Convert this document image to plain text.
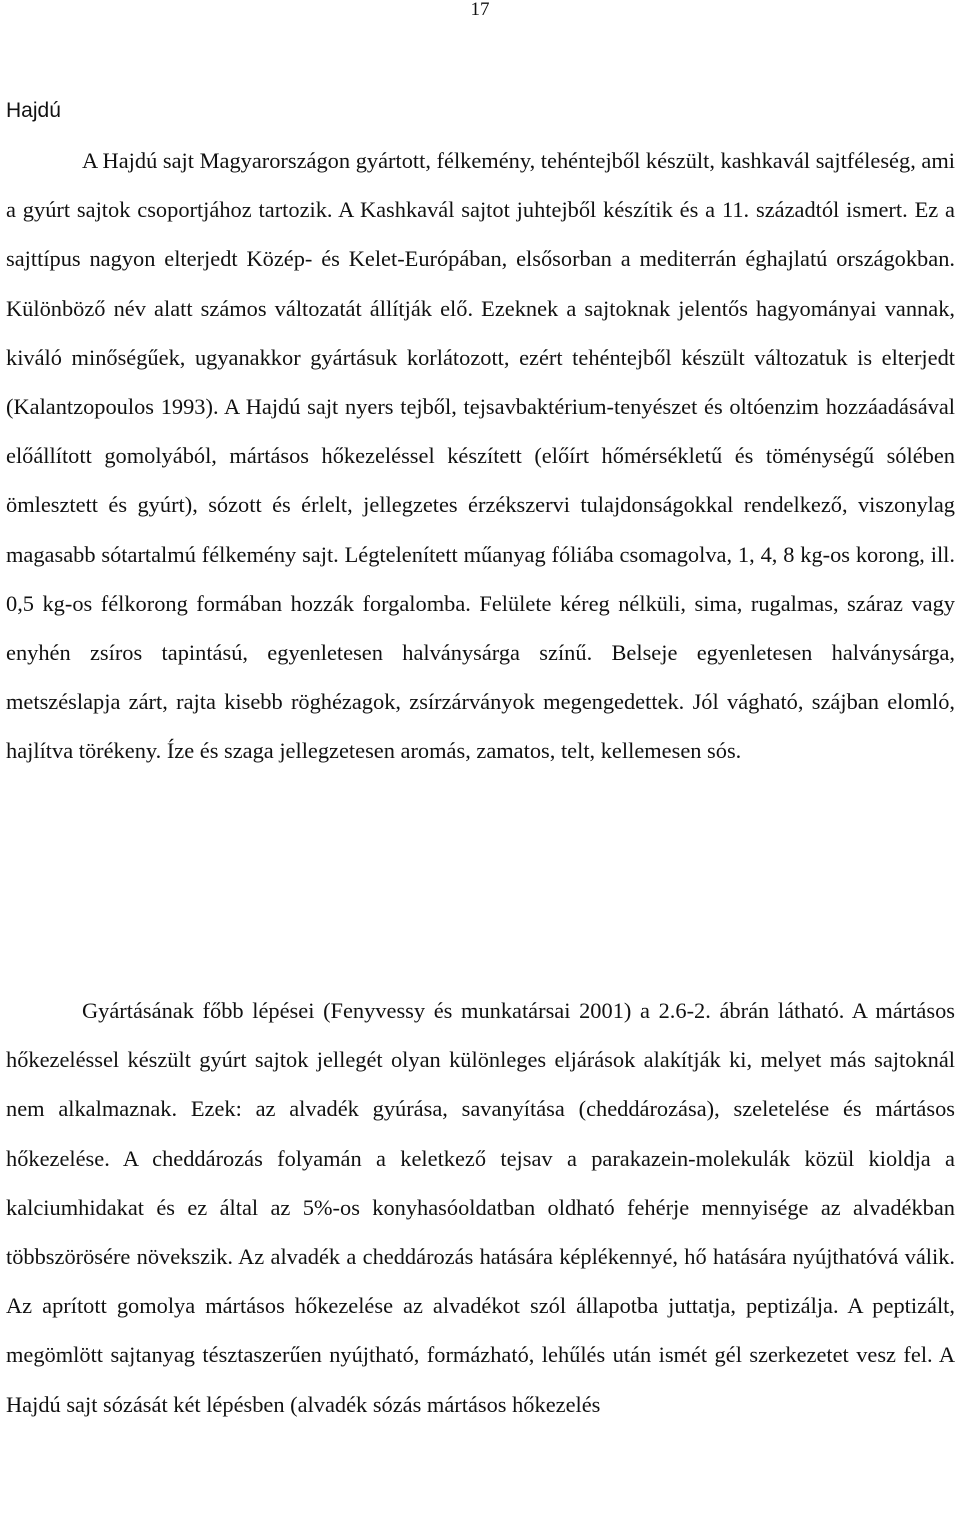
17
Hajdú

A Hajdú sajt Magyarországon gyártott, félkemény, tehéntejből készült, kashkavál sajtféleség, ami a gyúrt sajtok csoportjához tartozik. A Kashkavál sajtot juhtejből készítik és a 11. századtól ismert. Ez a sajttípus nagyon elterjedt Közép- és Kelet-Európában, elsősorban a mediterrán éghajlatú országokban. Különböző név alatt számos változatát állítják elő. Ezeknek a sajtoknak jelentős hagyományai vannak, kiváló minőségűek, ugyanakkor gyártásuk korlátozott, ezért tehéntejből készült változatuk is elterjedt (Kalantzopoulos 1993). A Hajdú sajt nyers tejből, tejsavbaktérium-tenyészet és oltóenzim hozzáadásával előállított gomolyából, mártásos hőkezeléssel készített (előírt hőmérsékletű és töménységű sólében ömlesztett és gyúrt), sózott és érlelt, jellegzetes érzékszervi tulajdonságokkal rendelkező, viszonylag magasabb sótartalmú félkemény sajt. Légtelenített műanyag fóliába csomagolva, 1, 4, 8 kg-os korong, ill. 0,5 kg-os félkorong formában hozzák forgalomba. Felülete kéreg nélküli, sima, rugalmas, száraz vagy enyhén zsíros tapintású, egyenletesen halványsárga színű. Belseje egyenletesen halványsárga, metszéslapja zárt, rajta kisebb röghézagok, zsírzárványok megengedettek. Jól vágható, szájban elomló, hajlítva törékeny. Íze és szaga jellegzetesen aromás, zamatos, telt, kellemesen sós.

Gyártásának főbb lépései (Fenyvessy és munkatársai 2001) a 2.6-2. ábrán látható. A mártásos hőkezeléssel készült gyúrt sajtok jellegét olyan különleges eljárások alakítják ki, melyet más sajtoknál nem alkalmaznak. Ezek: az alvadék gyúrása, savanyítása (cheddározása), szeletelése és mártásos hőkezelése. A cheddározás folyamán a keletkező tejsav a parakazein-molekulák közül kioldja a kalciumhidakat és ez által az 5%-os konyhasóoldatban oldható fehérje mennyisége az alvadékban többszörösére növekszik. Az alvadék a cheddározás hatására képlékennyé, hő hatására nyújthatóvá válik. Az aprított gomolya mártásos hőkezelése az alvadékot szól állapotba juttatja, peptizálja. A peptizált, megömlött sajtanyag tésztaszerűen nyújtható, formázható, lehűlés után ismét gél szerkezetet vesz fel. A Hajdú sajt sózását két lépésben (alvadék sózás mártásos hőkezelés
